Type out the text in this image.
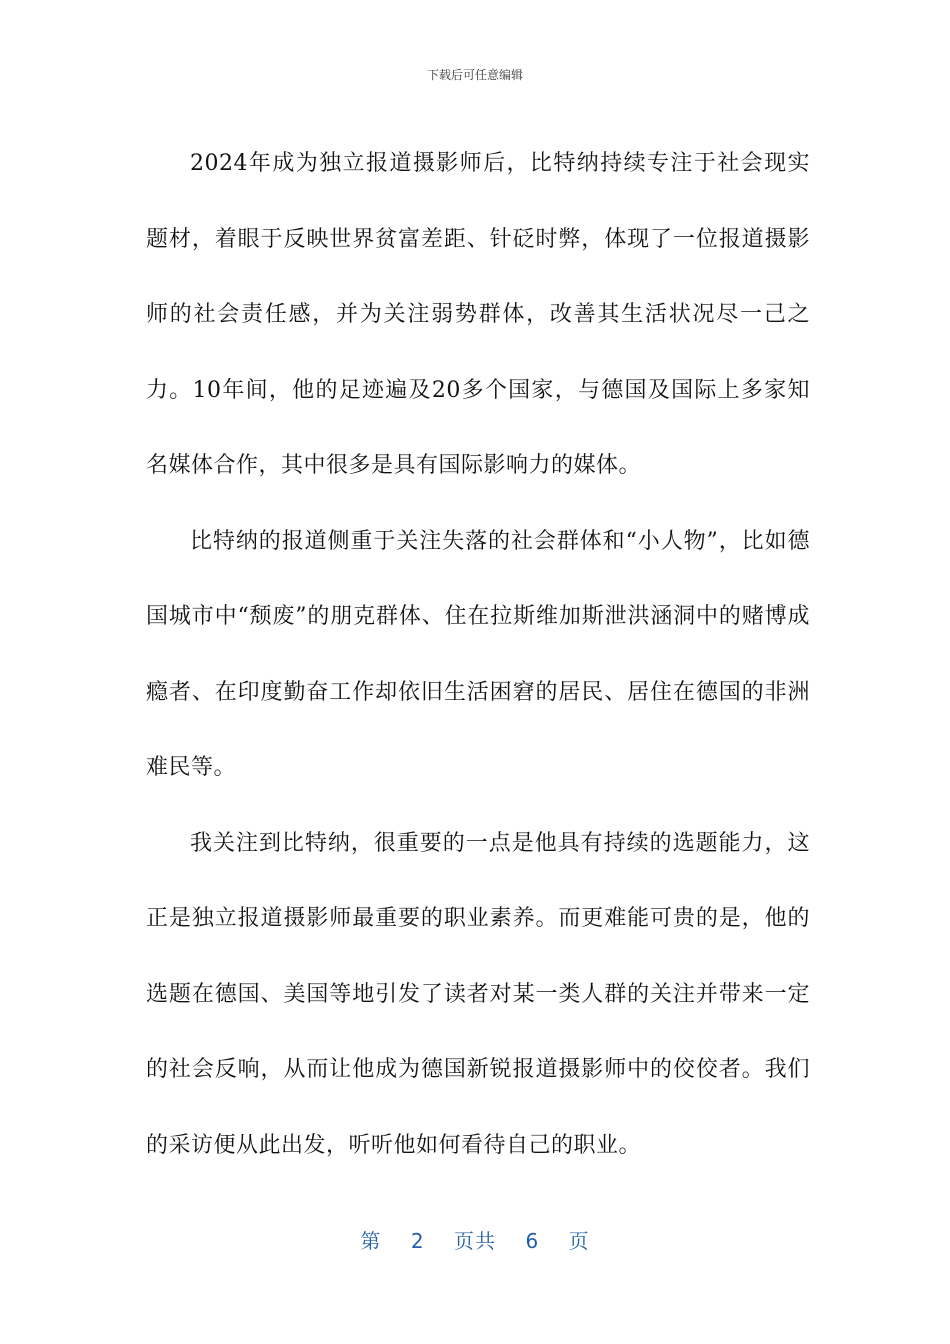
下载后可任意编辑

2024年成为独立报道摄影师后，比特纳持续专注于社会现实题材，着眼于反映世界贫富差距、针砭时弊，体现了一位报道摄影师的社会责任感，并为关注弱势群体，改善其生活状况尽一己之力。10年间，他的足迹遍及20多个国家，与德国及国际上多家知名媒体合作，其中很多是具有国际影响力的媒体。

比特纳的报道侧重于关注失落的社会群体和“小人物”，比如德国城市中“颓废”的朋克群体、住在拉斯维加斯泄洪涵洞中的赌博成瘾者、在印度勤奋工作却依旧生活困窘的居民、居住在德国的非洲难民等。

我关注到比特纳，很重要的一点是他具有持续的选题能力，这正是独立报道摄影师最重要的职业素养。而更难能可贵的是，他的选题在德国、美国等地引发了读者对某一类人群的关注并带来一定的社会反响，从而让他成为德国新锐报道摄影师中的佼佼者。我们的采访便从此出发，听听他如何看待自己的职业。

第 2 页共 6 页
